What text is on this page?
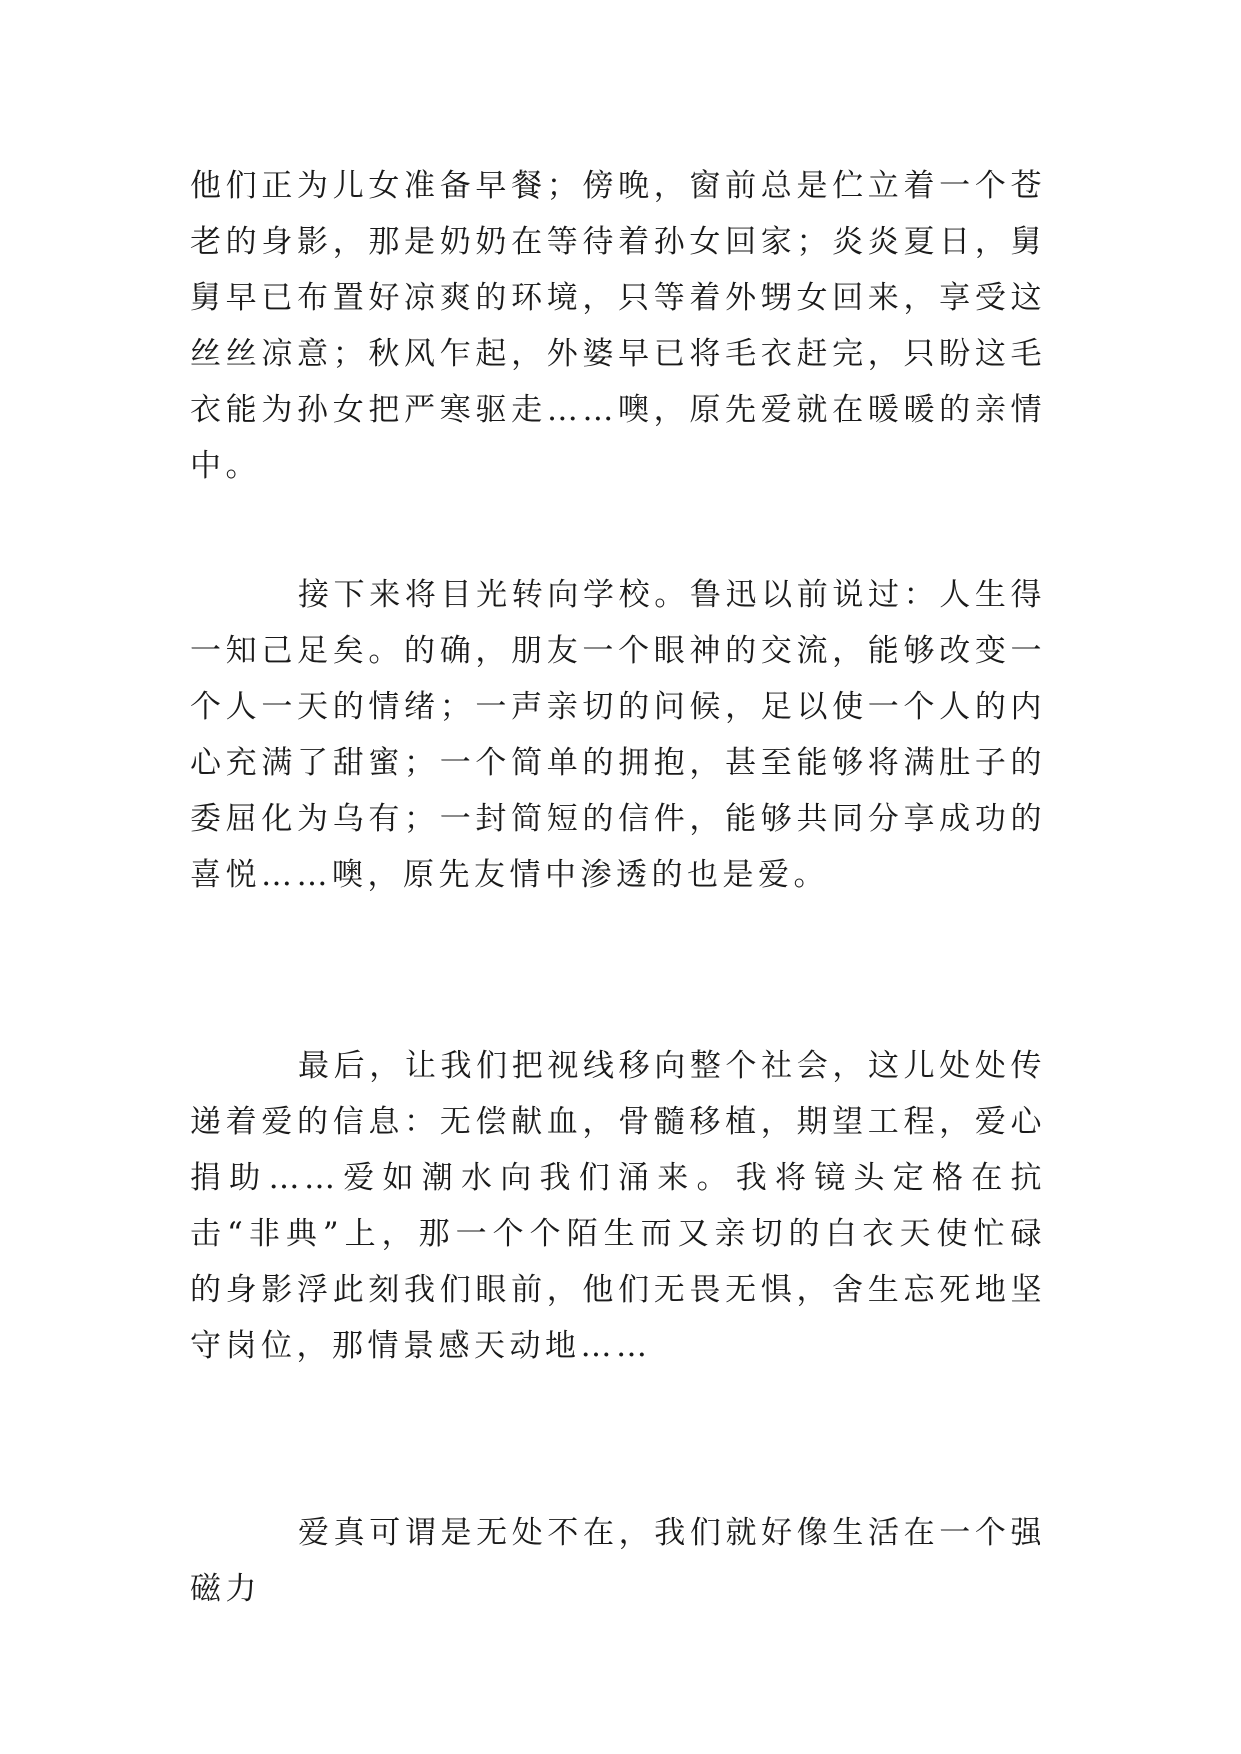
他们正为儿女准备早餐；傍晚，窗前总是伫立着一个苍老的身影，那是奶奶在等待着孙女回家；炎炎夏日，舅舅早已布置好凉爽的环境，只等着外甥女回来，享受这丝丝凉意；秋风乍起，外婆早已将毛衣赶完，只盼这毛衣能为孙女把严寒驱走……噢，原先爱就在暖暖的亲情中。

接下来将目光转向学校。鲁迅以前说过：人生得一知己足矣。的确，朋友一个眼神的交流，能够改变一个人一天的情绪；一声亲切的问候，足以使一个人的内心充满了甜蜜；一个简单的拥抱，甚至能够将满肚子的委屈化为乌有；一封简短的信件，能够共同分享成功的喜悦……噢，原先友情中渗透的也是爱。

最后，让我们把视线移向整个社会，这儿处处传递着爱的信息：无偿献血，骨髓移植，期望工程，爱心捐助……爱如潮水向我们涌来。我将镜头定格在抗击“非典”上，那一个个陌生而又亲切的白衣天使忙碌的身影浮此刻我们眼前，他们无畏无惧，舍生忘死地坚守岗位，那情景感天动地……

爱真可谓是无处不在，我们就好像生活在一个强磁力
